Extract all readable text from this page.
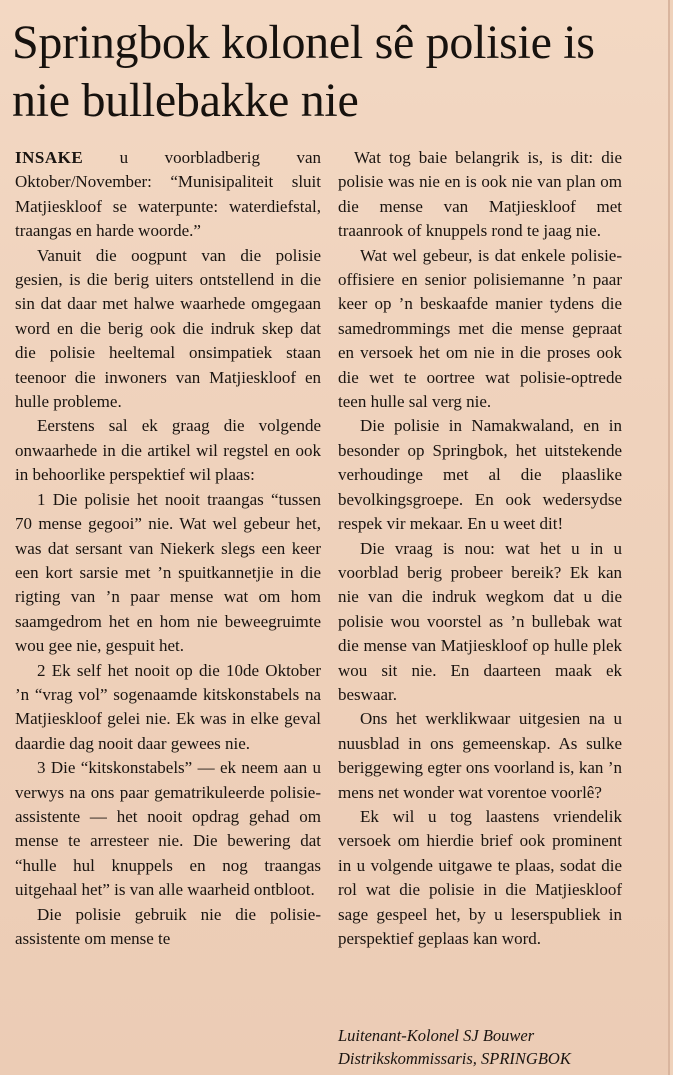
Springbok kolonel sê polisie is nie bullebakke nie

INSAKE u voorbladberig van Oktober/November: “Munisipaliteit sluit Matjieskloof se waterpunte: waterdiefstal, traangas en harde woorde.”

Vanuit die oogpunt van die polisie gesien, is die berig uiters ontstellend in die sin dat daar met halwe waarhede omgegaan word en die berig ook die indruk skep dat die polisie heeltemal onsimpatiek staan teenoor die inwoners van Matjieskloof en hulle probleme.

Eerstens sal ek graag die volgende onwaarhede in die artikel wil regstel en ook in behoorlike perspektief wil plaas:

1 Die polisie het nooit traangas “tussen 70 mense gegooi” nie. Wat wel gebeur het, was dat sersant van Niekerk slegs een keer een kort sarsie met ’n spuitkannetjie in die rigting van ’n paar mense wat om hom saamgedrom het en hom nie beweegruimte wou gee nie, gespuit het.

2 Ek self het nooit op die 10de Oktober ’n “vrag vol” sogenaamde kitskonstabels na Matjieskloof gelei nie. Ek was in elke geval daardie dag nooit daar gewees nie.

3 Die “kitskonstabels” — ek neem aan u verwys na ons paar gematrikuleerde polisie-assistente — het nooit opdrag gehad om mense te arresteer nie. Die bewering dat “hulle hul knuppels en nog traangas uitgehaal het” is van alle waarheid ontbloot.

Die polisie gebruik nie die polisie-assistente om mense te

Wat tog baie belangrik is, is dit: die polisie was nie en is ook nie van plan om die mense van Matjieskloof met traanrook of knuppels rond te jaag nie.

Wat wel gebeur, is dat enkele polisie-offisiere en senior polisiemanne ’n paar keer op ’n beskaafde manier tydens die samedrommings met die mense gepraat en versoek het om nie in die proses ook die wet te oortree wat polisie-optrede teen hulle sal verg nie.

Die polisie in Namakwaland, en in besonder op Springbok, het uitstekende verhoudinge met al die plaaslike bevolkingsgroepe. En ook wedersydse respek vir mekaar. En u weet dit!

Die vraag is nou: wat het u in u voorblad berig probeer bereik? Ek kan nie van die indruk wegkom dat u die polisie wou voorstel as ’n bullebak wat die mense van Matjieskloof op hulle plek wou sit nie. En daarteen maak ek beswaar.

Ons het werklikwaar uitgesien na u nuusblad in ons gemeenskap. As sulke beriggewing egter ons voorland is, kan ’n mens net wonder wat vorentoe voorlê?

Ek wil u tog laastens vriendelik versoek om hierdie brief ook prominent in u volgende uitgawe te plaas, sodat die rol wat die polisie in die Matjieskloof sage gespeel het, by u leserspubliek in perspektief geplaas kan word.

Luitenant-Kolonel SJ Bouwer
Distrikskommissaris, SPRINGBOK
